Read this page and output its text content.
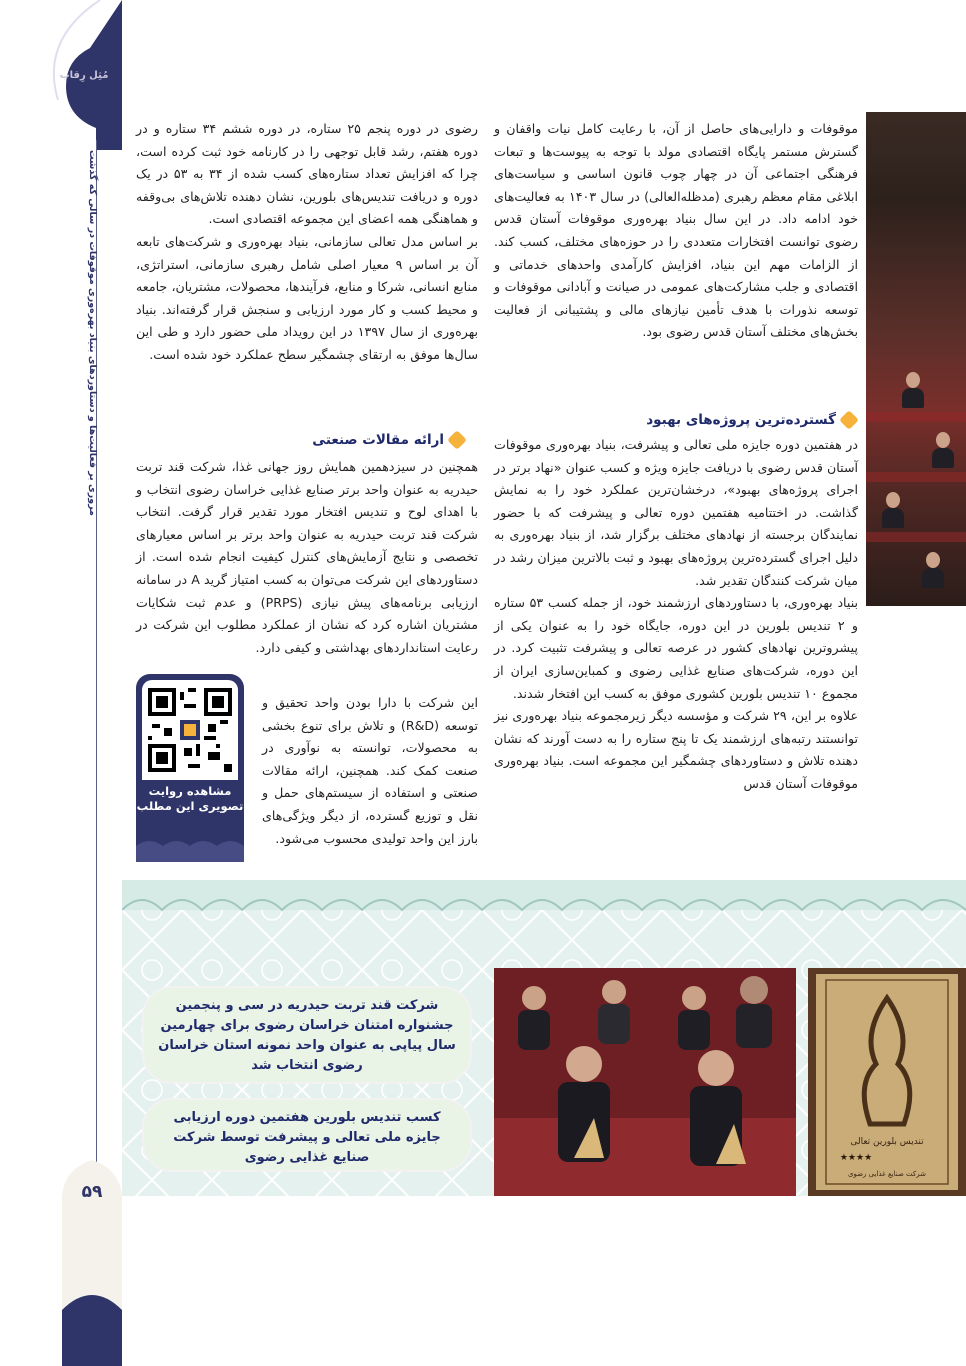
مُثِل رِقاب
مروری بر فعالیت‌ها و دستاوردهای بنیاد بهره‌وری موقوفات در سالی که گذشت
۵۹

موقوفات و دارایی‌های حاصل از آن، با رعایت کامل نیات واقفان و گسترش مستمر پایگاه اقتصادی مولد با توجه به پیوست‌ها و تبعات فرهنگی اجتماعی آن در چهار چوب قانون اساسی و سیاست‌های ابلاغی مقام معظم رهبری (مدظله‌العالی) در سال ۱۴۰۳ به فعالیت‌های خود ادامه داد. در این سال بنیاد بهره‌وری موقوفات آستان قدس رضوی توانست افتخارات متعددی را در حوزه‌های مختلف، کسب کند. از الزامات مهم این بنیاد، افزایش کارآمدی واحدهای خدماتی و اقتصادی و جلب مشارکت‌های عمومی در صیانت و آبادانی موقوفات و توسعه نذورات با هدف تأمین نیازهای مالی و پشتیبانی از فعالیت بخش‌های مختلف آستان قدس رضوی بود.

گسترده‌ترین پروژه‌های بهبود

در هفتمین دوره جایزه ملی تعالی و پیشرفت، بنیاد بهره‌وری موقوفات آستان قدس رضوی با دریافت جایزه ویژه و کسب عنوان «نهاد برتر در اجرای پروژه‌های بهبود»، درخشان‌ترین عملکرد خود را به نمایش گذاشت. در اختتامیه هفتمین دوره تعالی و پیشرفت که با حضور نمایندگان برجسته از نهادهای مختلف برگزار شد، از بنیاد بهره‌وری به دلیل اجرای گسترده‌ترین پروژه‌های بهبود و ثبت بالاترین میزان رشد در میان شرکت کنندگان تقدیر شد.

بنیاد بهره‌وری، با دستاوردهای ارزشمند خود، از جمله کسب ۵۳ ستاره و ۲ تندیس بلورین در این دوره، جایگاه خود را به عنوان یکی از پیشروترین نهادهای کشور در عرصه تعالی و پیشرفت تثبیت کرد. در این دوره، شرکت‌های صنایع غذایی رضوی و کمباین‌سازی ایران از مجموع ۱۰ تندیس بلورین کشوری موفق به کسب این افتخار شدند.

علاوه بر این، ۲۹ شرکت و مؤسسه دیگر زیرمجموعه بنیاد بهره‌وری نیز توانستند رتبه‌های ارزشمند یک تا پنج ستاره را به دست آورند که نشان دهنده تلاش و دستاوردهای چشمگیر این مجموعه است. بنیاد بهره‌وری موقوفات آستان قدس

رضوی در دوره پنجم ۲۵ ستاره، در دوره ششم ۳۴ ستاره و در دوره هفتم، رشد قابل توجهی را در کارنامه خود ثبت کرده است، چرا که افزایش تعداد ستاره‌های کسب شده از ۳۴ به ۵۳ در یک دوره و دریافت تندیس‌های بلورین، نشان دهنده تلاش‌های بی‌وقفه و هماهنگی همه اعضای این مجموعه اقتصادی است.

بر اساس مدل تعالی سازمانی، بنیاد بهره‌وری و شرکت‌های تابعه آن بر اساس ۹ معیار اصلی شامل رهبری سازمانی، استراتژی، منابع انسانی، شرکا و منابع، فرآیندها، محصولات، مشتریان، جامعه و محیط کسب و کار مورد ارزیابی و سنجش قرار گرفته‌اند. بنیاد بهره‌وری از سال ۱۳۹۷ در این رویداد ملی حضور دارد و طی این سال‌ها موفق به ارتقای چشمگیر سطح عملکرد خود شده است.

ارائه مقالات صنعتی

همچنین در سیزدهمین همایش روز جهانی غذا، شرکت قند تربت حیدریه به عنوان واحد برتر صنایع غذایی خراسان رضوی انتخاب و با اهدای لوح و تندیس افتخار مورد تقدیر قرار گرفت. انتخاب شرکت قند تربت حیدریه به عنوان واحد برتر بر اساس معیارهای تخصصی و نتایج آزمایش‌های کنترل کیفیت انجام شده است. از دستاوردهای این شرکت می‌توان به کسب امتیاز گرید A در سامانه ارزیابی برنامه‌های پیش نیازی (PRPS) و عدم ثبت شکایات مشتریان اشاره کرد که نشان از عملکرد مطلوب این شرکت در رعایت استانداردهای بهداشتی و کیفی دارد.

این شرکت با دارا بودن واحد تحقیق و توسعه (R&D) و تلاش برای تنوع بخشی به محصولات، توانسته به نوآوری در صنعت کمک کند. همچنین، ارائه مقالات صنعتی و استفاده از سیستم‌های حمل و نقل و توزیع گسترده، از دیگر ویژگی‌های بارز این واحد تولیدی محسوب می‌شود.

مشاهده روایت تصویری این مطلب
تندیس بلورین تعالی
★★★★
شرکت صنایع غذایی رضوی
شرکت قند تربت حیدریه در سی و پنجمین جشنواره امتنان خراسان رضوی برای چهارمین سال پیاپی به عنوان واحد نمونه استان خراسان رضوی انتخاب شد
کسب تندیس بلورین هفتمین دوره ارزیابی جایزه ملی تعالی و پیشرفت توسط شرکت صنایع غذایی رضوی
